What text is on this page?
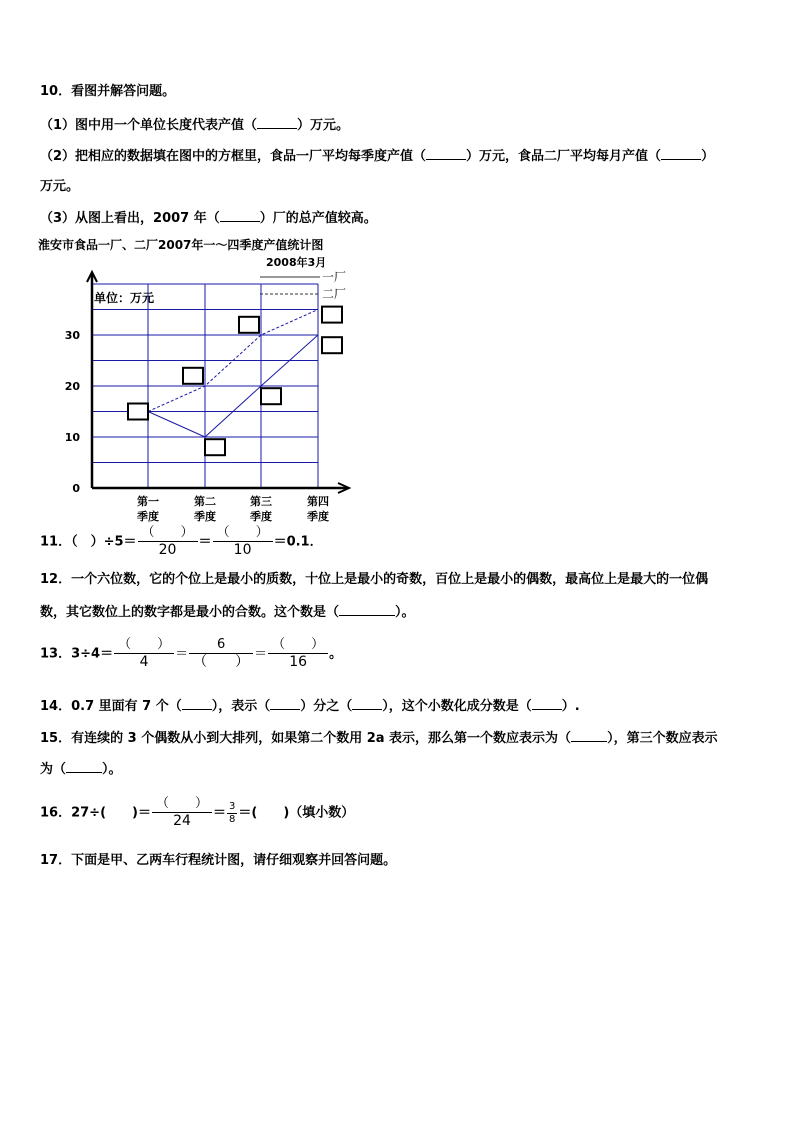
10．看图并解答问题。
（1）图中用一个单位长度代表产值（	）万元。
（2）把相应的数据填在图中的方框里，食品一厂平均每季度产值（	）万元，食品二厂平均每月产值（	）
万元。
（3）从图上看出，2007 年（	）厂的总产值较高。
淮安市食品一厂、二厂2007年一～四季度产值统计图
2008年3月
一厂
二厂
单位：万元
0
10
20
30
第一
季度
第二
季度
第三
季度
第四
季度
11．（　）$\div 5= \frac{( )}{20} = \frac{( )}{10} =0.1$．
12．一个六位数，它的个位上是最小的质数，十位上是最小的奇数，百位上是最小的偶数，最高位上是最大的一位偶
数，其它数位上的数字都是最小的合数。这个数是（	）。
13．$3\div 4= \frac{( )}{4} = \frac{6}{( )} = \frac{( )}{16}$ 。
14．0.7 里面有 7 个（ ），表示（ ）分之（ ），这个小数化成分数是（ ）.
15．有连续的 3 个偶数从小到大排列，如果第二个数用 2a 表示，那么第一个数应表示为（	），第三个数应表示
为（	）。
16．27÷(　　)＝ $\frac{( )}{24} = \frac{3}{8}$ ＝(　　)（填小数）
17．下面是甲、乙两车行程统计图，请仔细观察并回答问题。
